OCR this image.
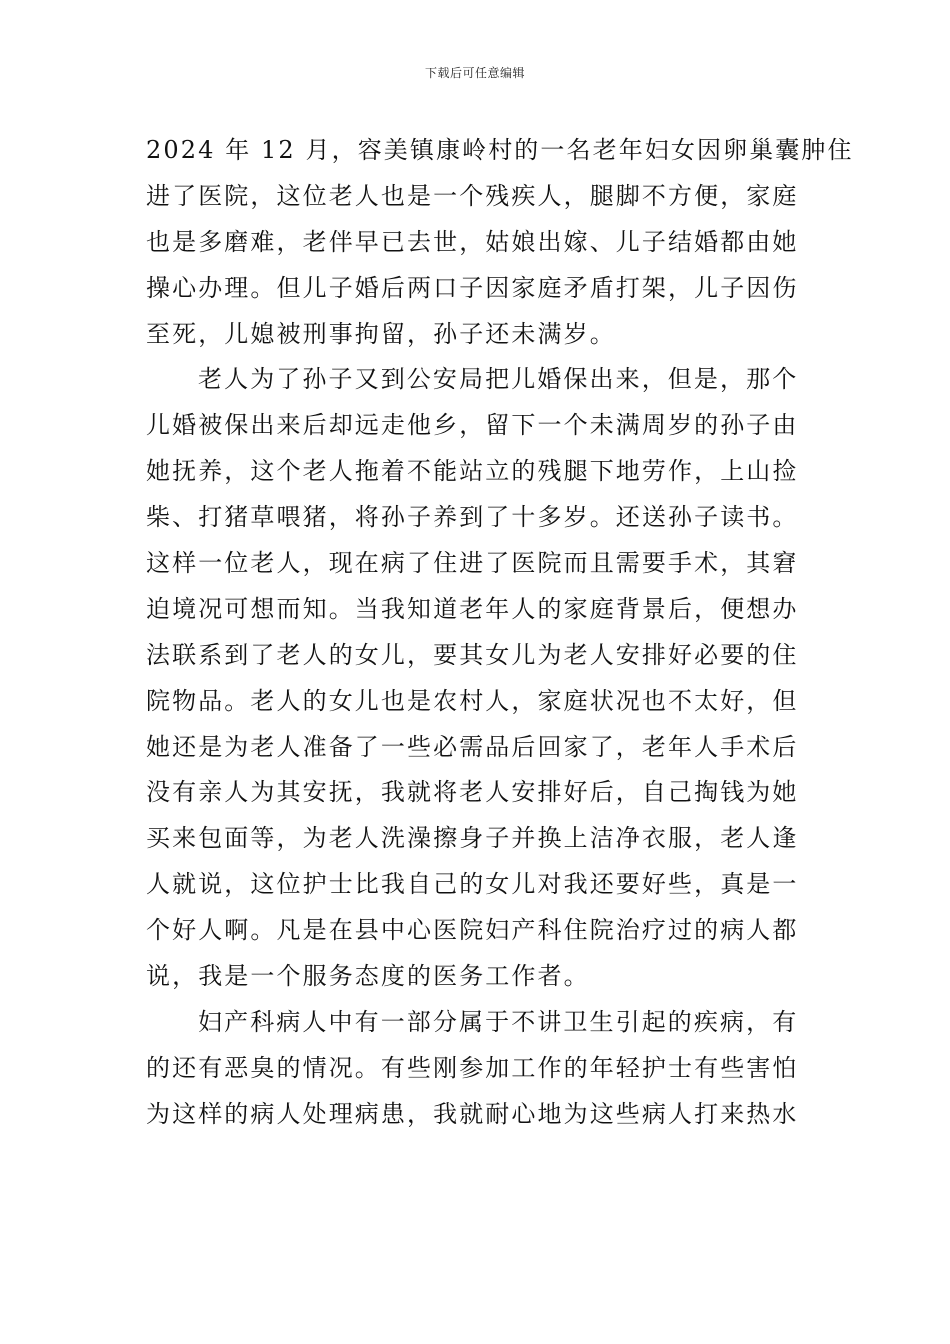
下载后可任意编辑

2024 年 12 月，容美镇康岭村的一名老年妇女因卵巢囊肿住
进了医院，这位老人也是一个残疾人，腿脚不方便，家庭
也是多磨难，老伴早已去世，姑娘出嫁、儿子结婚都由她
操心办理。但儿子婚后两口子因家庭矛盾打架，儿子因伤
至死，儿媳被刑事拘留，孙子还未满岁。

老人为了孙子又到公安局把儿婚保出来，但是，那个
儿婚被保出来后却远走他乡，留下一个未满周岁的孙子由
她抚养，这个老人拖着不能站立的残腿下地劳作，上山捡
柴、打猪草喂猪，将孙子养到了十多岁。还送孙子读书。
这样一位老人，现在病了住进了医院而且需要手术，其窘
迫境况可想而知。当我知道老年人的家庭背景后，便想办
法联系到了老人的女儿，要其女儿为老人安排好必要的住
院物品。老人的女儿也是农村人，家庭状况也不太好，但
她还是为老人准备了一些必需品后回家了，老年人手术后
没有亲人为其安抚，我就将老人安排好后，自己掏钱为她
买来包面等，为老人洗澡擦身子并换上洁净衣服，老人逢
人就说，这位护士比我自己的女儿对我还要好些，真是一
个好人啊。凡是在县中心医院妇产科住院治疗过的病人都
说，我是一个服务态度的医务工作者。

妇产科病人中有一部分属于不讲卫生引起的疾病，有
的还有恶臭的情况。有些刚参加工作的年轻护士有些害怕
为这样的病人处理病患，我就耐心地为这些病人打来热水
